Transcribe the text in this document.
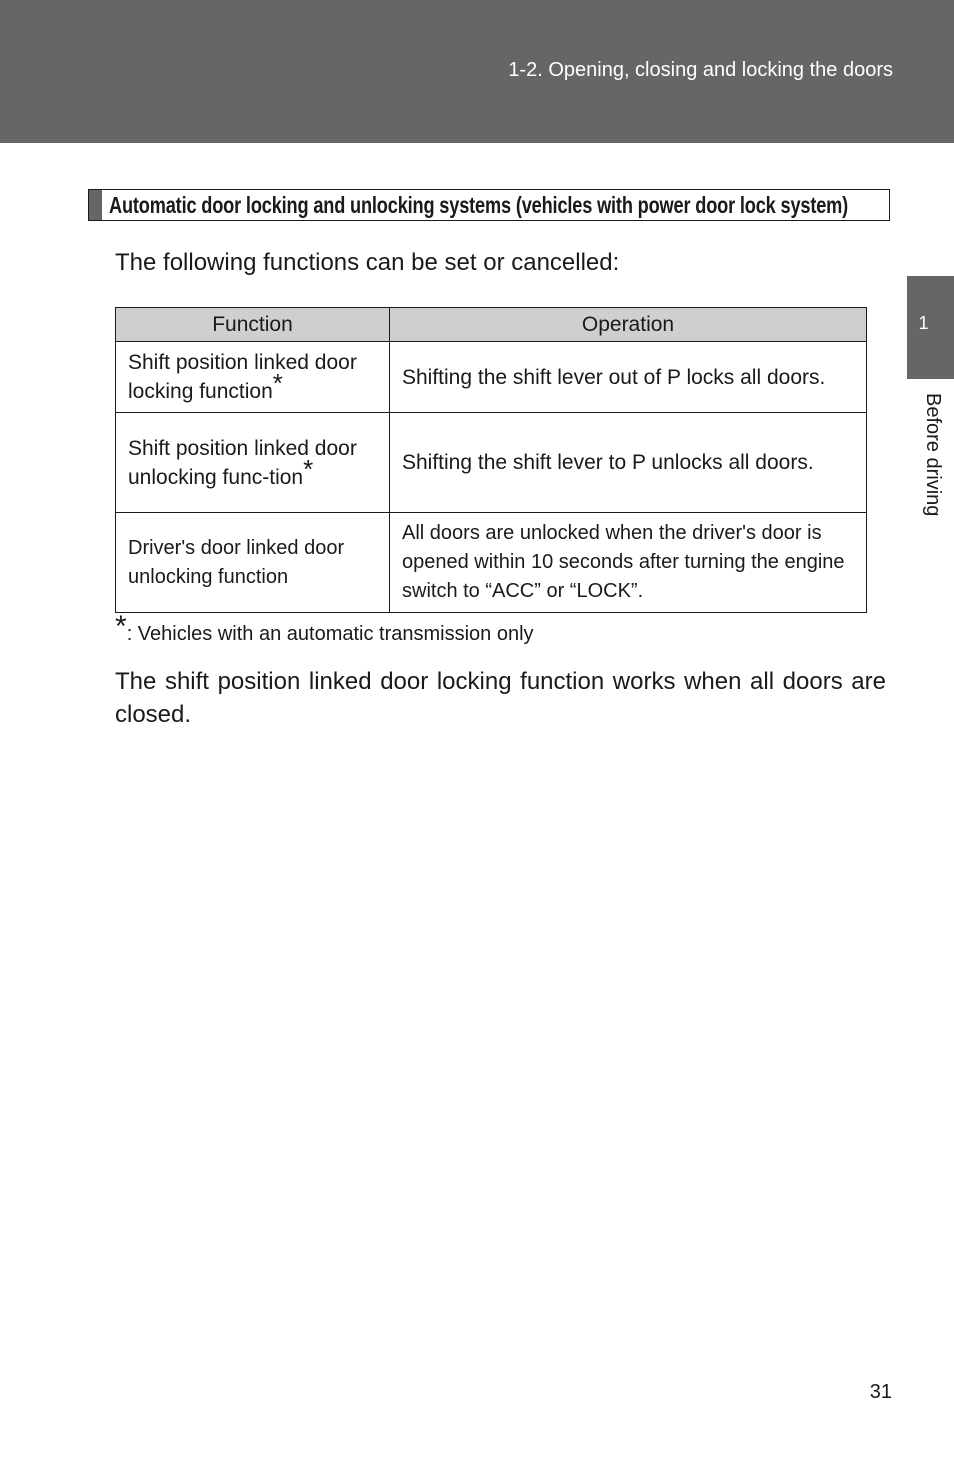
1-2. Opening, closing and locking the doors
1
Before driving
Automatic door locking and unlocking systems (vehicles with power door lock system)
The following functions can be set or cancelled:
Function	Operation
Shift position linked door locking function*	Shifting the shift lever out of P locks all doors.
Shift position linked door unlocking func-tion*	Shifting the shift lever to P unlocks all doors.
Driver's door linked door unlocking function	All doors are unlocked when the driver's door is opened within 10 seconds after turning the engine switch to “ACC” or “LOCK”.
*: Vehicles with an automatic transmission only
The shift position linked door locking function works when all doors are closed.
31
